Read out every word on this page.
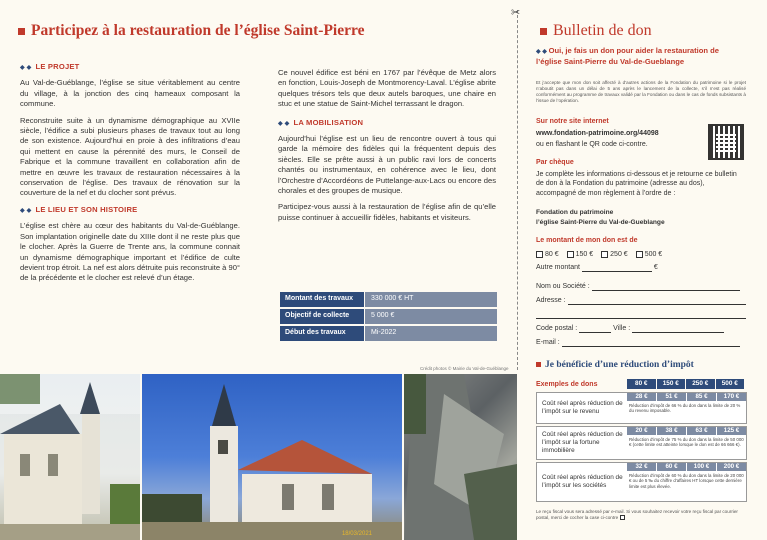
Participez à la restauration de l’église Saint-Pierre
◆ ◆ LE PROJET

Au Val-de-Guéblange, l’église se situe véritablement au centre du village, à la jonction des cinq hameaux composant la commune.

Reconstruite suite à un dynamisme démographique au XVIIe siècle, l’édifice a subi plusieurs phases de travaux tout au long de son existence. Aujourd’hui en proie à des infiltrations d’eau qui mettent en cause la pérennité des murs, le Conseil de Fabrique et la commune travaillent en collaboration afin de mettre en œuvre les travaux de restauration nécessaires à la conservation de l’église. Des travaux de rénovation sur la couverture de la nef et du clocher sont prévus.

◆ ◆ LE LIEU ET SON HISTOIRE

L’église est chère au cœur des habitants du Val-de-Guéblange. Son implantation originelle date du XIIIe dont il ne reste plus que le clocher. Après la Guerre de Trente ans, la commune connait un dynamisme démographique important et l’édifice de culte devient trop étroit. La nef est alors détruite puis reconstruite à 90° de la précédente et le clocher est relevé d’un étage.

Ce nouvel édifice est béni en 1767 par l’évêque de Metz alors en fonction, Louis-Joseph de Montmorency-Laval. L’église abrite quelques trésors tels que deux autels baroques, une chaire en stuc et une statue de Saint-Michel terrassant le dragon.

◆ ◆ LA MOBILISATION

Aujourd’hui l’église est un lieu de rencontre ouvert à tous qui garde la mémoire des fidèles qui la fréquentent depuis des siècles. Elle se prête aussi à un public ravi lors de concerts chantés ou instrumentaux, en cohérence avec le lieu, dont l’Orchestre d’Accordéons de Puttelange-aux-Lacs ou encore des chorales et des groupes de musique.

Participez-vous aussi à la restauration de l’église afin de qu’elle puisse continuer à accueillir fidèles, habitants et visiteurs.

Montant des travaux	330 000 € HT
Objectif de collecte	5 000 €
Début des travaux	Mi-2022
Crédit photos © Mairie du Val-de-Guéblange
18/03/2021
✂
Bulletin de don
◆ ◆ Oui, je fais un don pour aider la restauration de
l’église Saint-Pierre du Val-de-Gueblange
Et j’accepte que mon don soit affecté à d’autres actions de la Fondation du patrimoine si le projet n’aboutit pas dans un délai de 5 ans après le lancement de la collecte, s’il n’est pas réalisé conformément au programme de travaux validé par la Fondation ou dans le cas de fonds subsistants à l’issue de l’opération.
Sur notre site internet
www.fondation-patrimoine.org/44098
ou en flashant le QR code ci-contre.
Par chèque
Je complète les informations ci-dessous et je retourne ce bulletin de don à la Fondation du patrimoine (adresse au dos), accompagné de mon règlement à l’ordre de :
Fondation du patrimoine
l’église Saint-Pierre du Val-de-Gueblange
Le montant de mon don est de
80 €	150 €	250 €	500 €
Autre montant	€
Nom ou Société :
Adresse :
Code postal :	Ville :
E-mail :
Je bénéficie d’une réduction d’impôt
Exemples de dons	80 €	150 €	250 €	500 €
Coût réel après réduction de l’impôt sur le revenu
28 €	51 €	85 €	170 €
Réduction d’impôt de 66 % du don dans la limite de 20 % du revenu imposable.
Coût réel après réduction de l’impôt sur la fortune immobilière
20 €	38 €	63 €	125 €
Réduction d’impôt de 75 % du don dans la limite de 50 000 € (cette limite est atteinte lorsque le don est de 66 666 €).
Coût réel après réduction de l’impôt sur les sociétés
32 €	60 €	100 €	200 €
Réduction d’impôt de 60 % du don dans la limite de 20 000 € ou de 5 ‰ du chiffre d’affaires HT lorsque cette dernière limite est plus élevée.
Le reçu fiscal vous sera adressé par e-mail. Si vous souhaitez recevoir votre reçu fiscal par courrier postal, merci de cocher la case ci-contre
